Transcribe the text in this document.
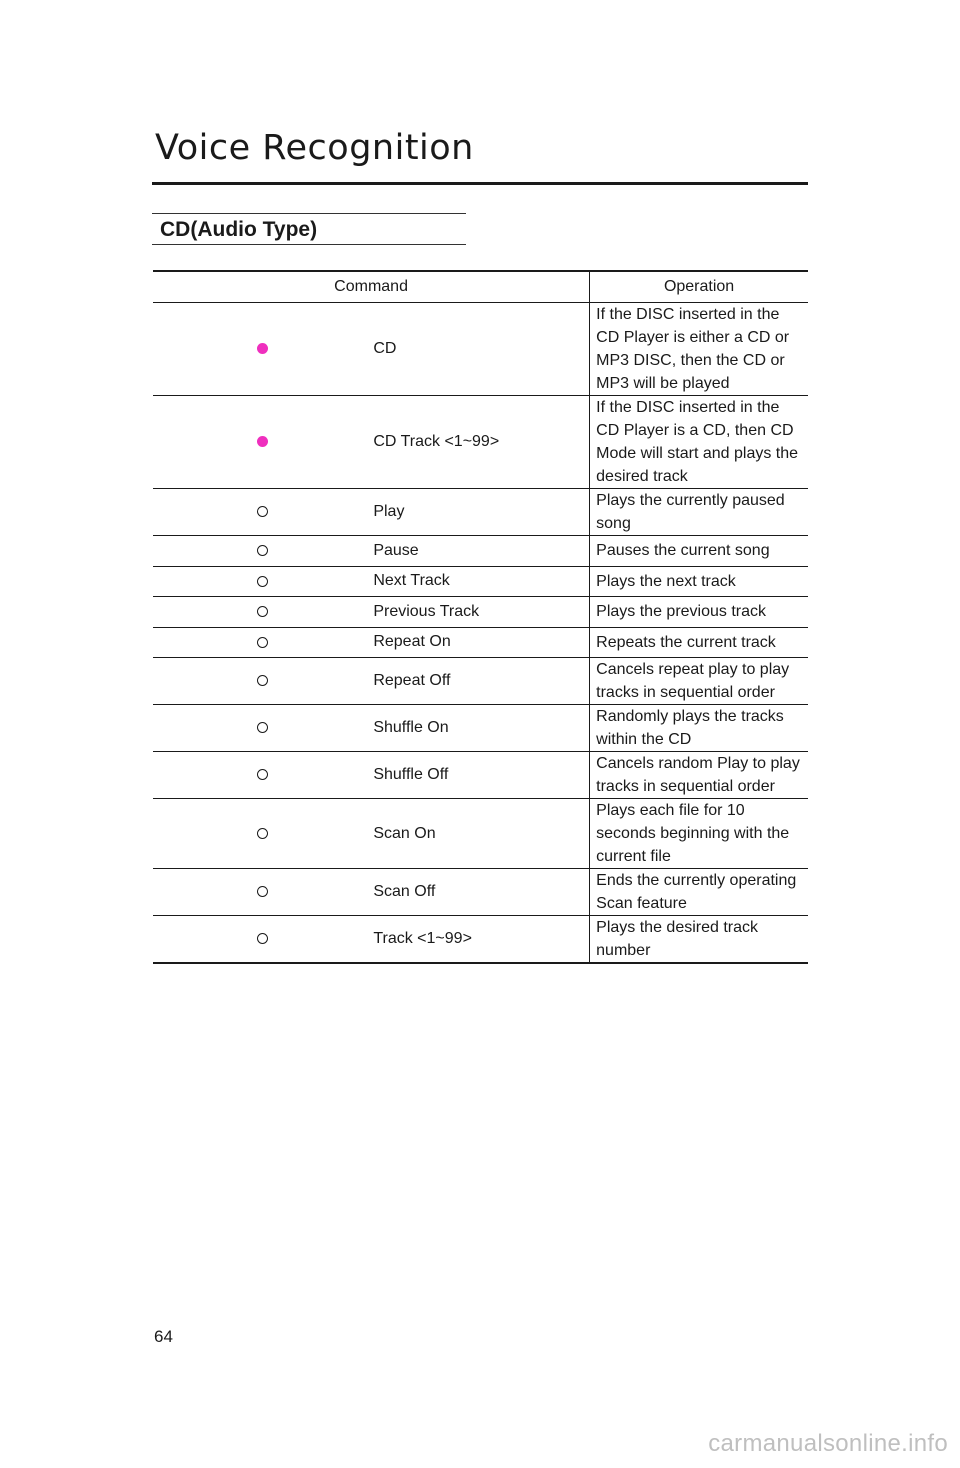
Voice Recognition
CD(Audio Type)
Command		Operation
	CD	If the DISC inserted in the CD Player is either a CD or MP3 DISC, then the CD or MP3 will be played
	CD Track <1~99>	If the DISC inserted in the CD Player is a CD, then CD Mode will start and plays the desired track
	Play	Plays the currently paused song
	Pause	Pauses the current song
	Next Track	Plays the next track
	Previous Track	Plays the previous track
	Repeat On	Repeats the current track
	Repeat Off	Cancels repeat play to play tracks in sequential order
	Shuffle On	Randomly plays the tracks within the CD
	Shuffle Off	Cancels random Play to play tracks in sequential order
	Scan On	Plays each file for 10 seconds beginning with the current file
	Scan Off	Ends the currently operating Scan feature
	Track <1~99>	Plays the desired track number

64

carmanualsonline.info
